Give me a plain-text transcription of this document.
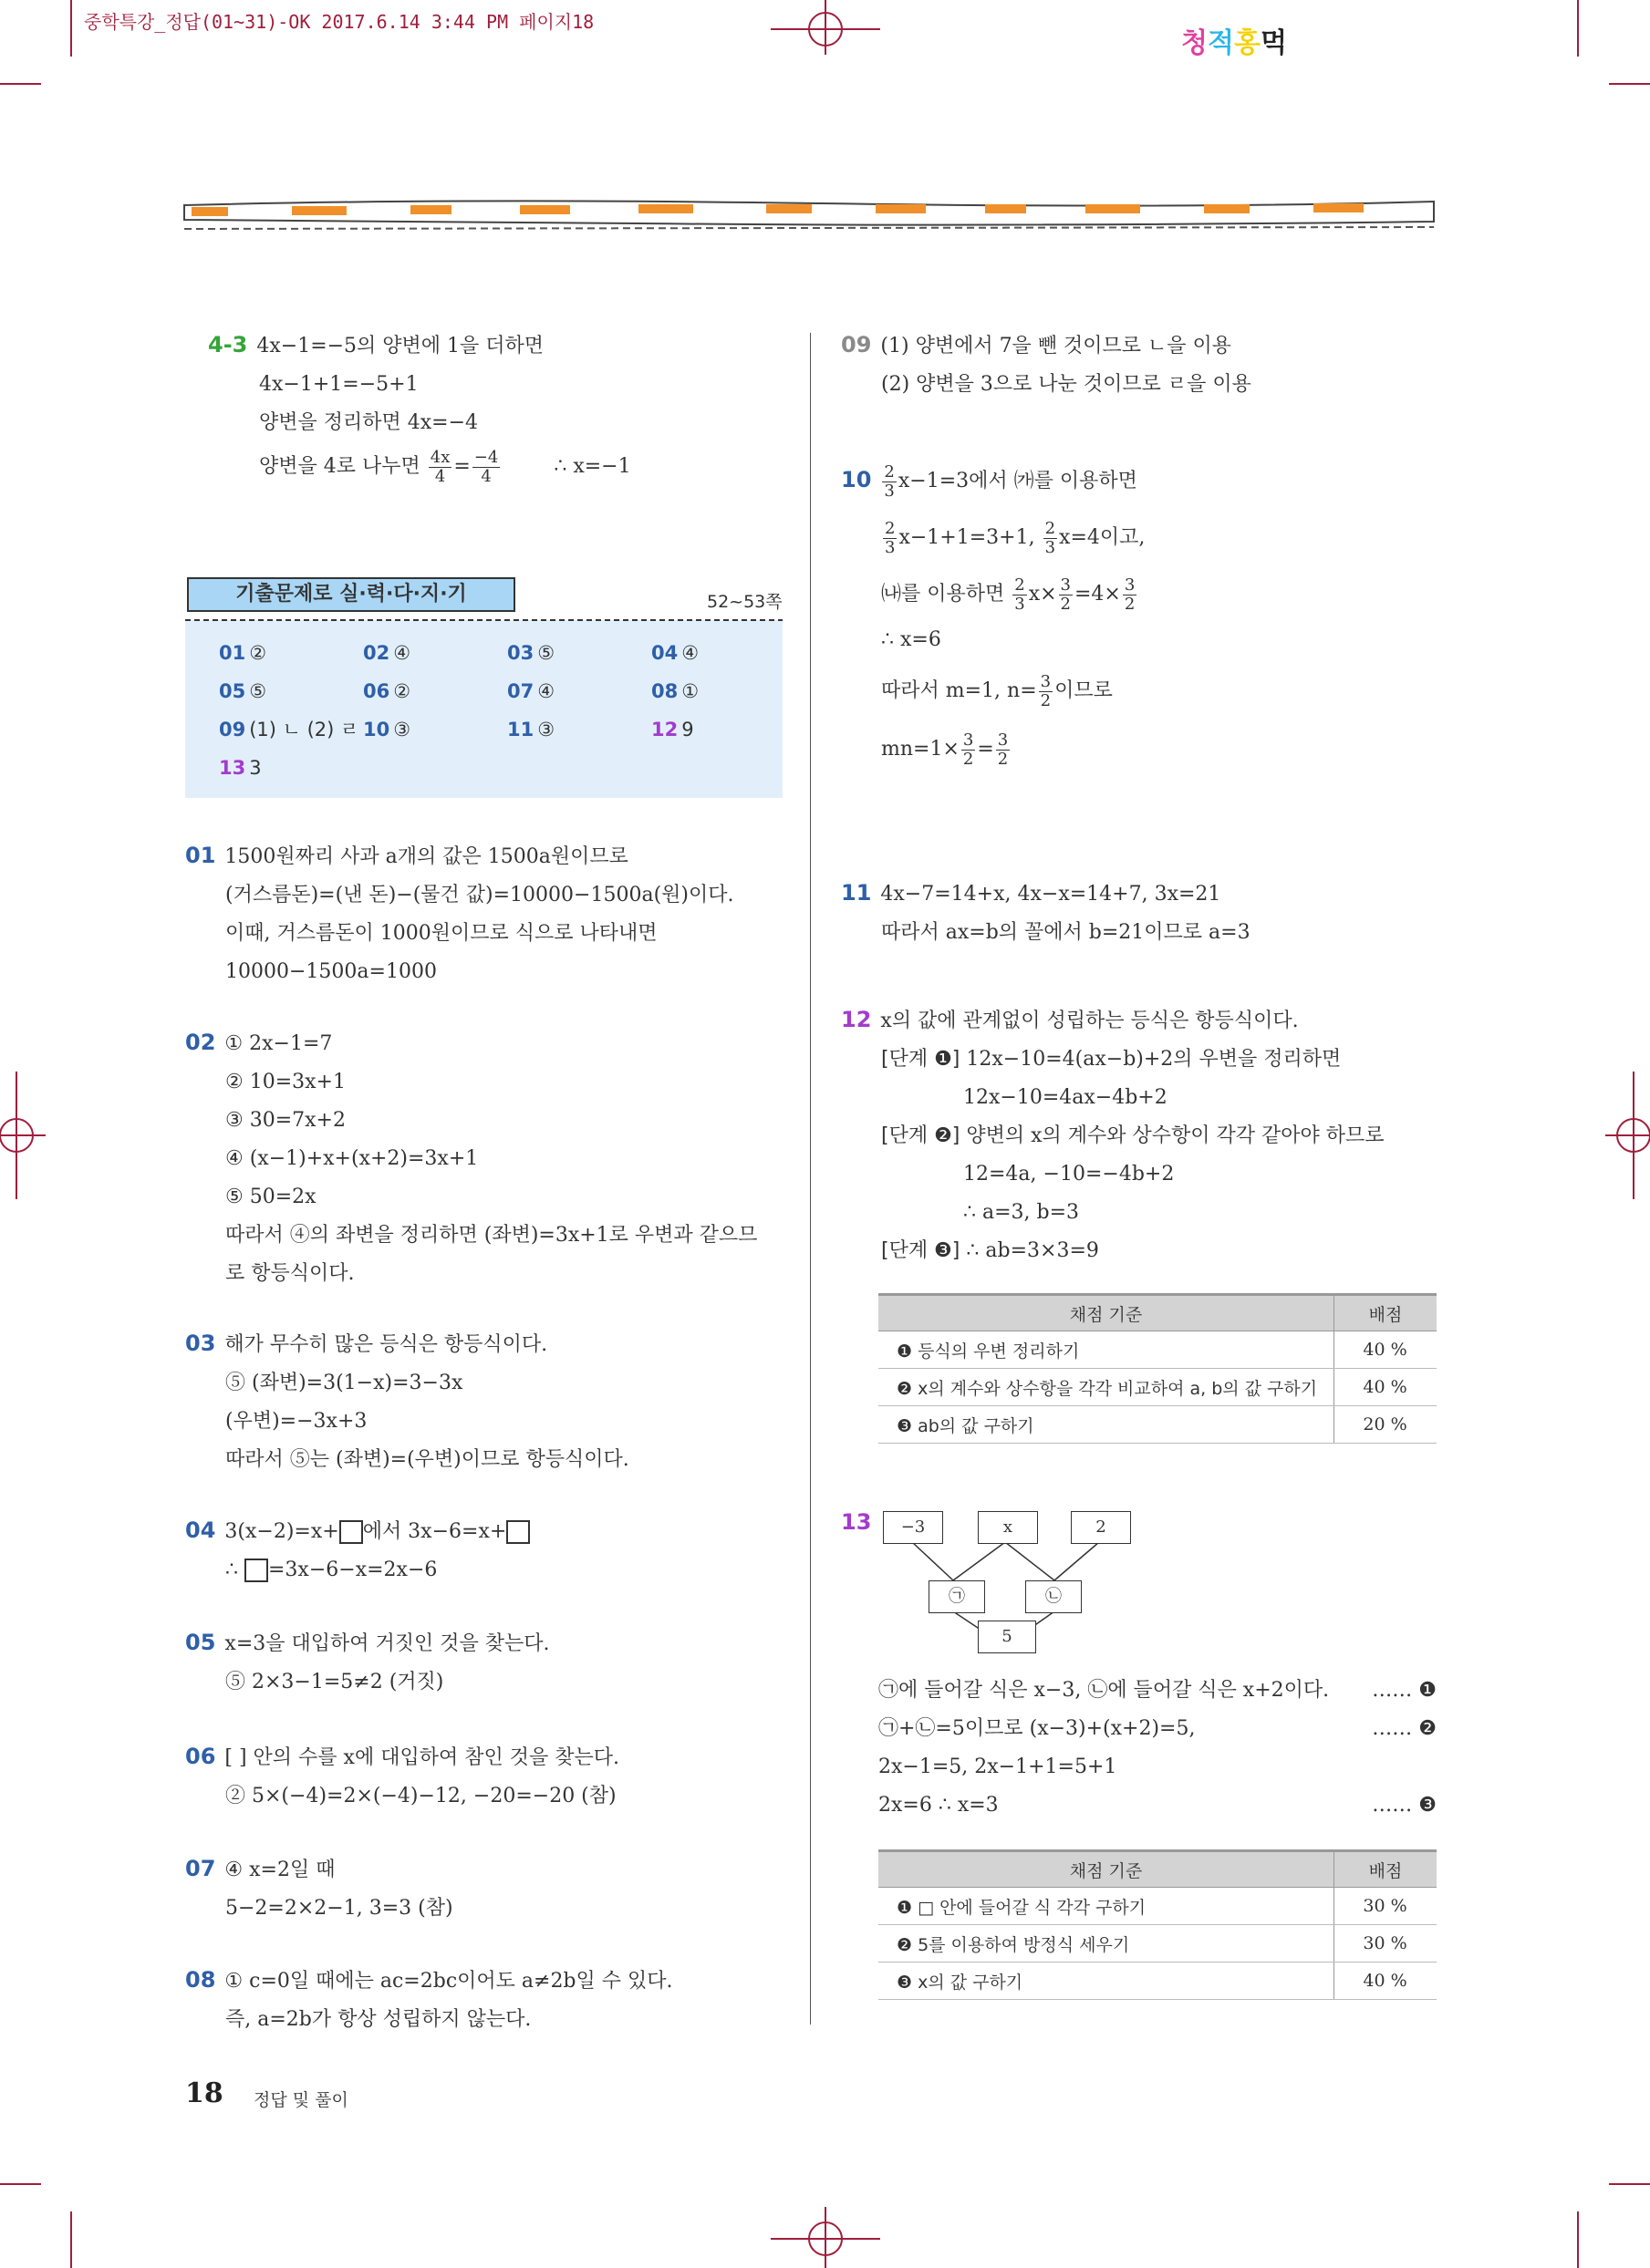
중학특강_정답(01~31)-OK 2017.6.14 3:44 PM 페이지18
청적홍먹
4-3 4x−1=−5의 양변에 1을 더하면
4x−1+1=−5+1
양변을 정리하면 4x=−4
양변을 4로 나누면 $\frac{4x}{4} = \frac{-4}{4}$	∴ x=−1
기출문제로 실·력·다·지·기	52~53쪽
01 ②	02 ④	03 ⑤	04 ④
05 ⑤	06 ②	07 ④	08 ①
09 (1) ㄴ (2) ㄹ 10 ③	11 ③	12 9
13 3
01 1500원짜리 사과 a개의 값은 1500a원이므로
(거스름돈)=(낸 돈)−(물건 값)=10000−1500a(원)이다.
이때, 거스름돈이 1000원이므로 식으로 나타내면
10000−1500a=1000
02 ① 2x−1=7
② 10=3x+1
③ 30=7x+2
④ (x−1)+x+(x+2)=3x+1
⑤ 50=2x
따라서 ④의 좌변을 정리하면 (좌변)=3x+1로 우변과 같으므
로 항등식이다.
03 해가 무수히 많은 등식은 항등식이다.
⑤ (좌변)=3(1−x)=3−3x
(우변)=−3x+3
따라서 ⑤는 (좌변)=(우변)이므로 항등식이다.
04 3(x−2)=x+ 에서 3x−6=x+
∴ =3x−6−x=2x−6
05 x=3을 대입하여 거짓인 것을 찾는다.
⑤ 2×3−1=5≠2 (거짓)
06 [ ] 안의 수를 x에 대입하여 참인 것을 찾는다.
② 5×(−4)=2×(−4)−12, −20=−20 (참)
07 ④ x=2일 때
5−2=2×2−1, 3=3 (참)
08 ① c=0일 때에는 ac=2bc이어도 a≠2b일 수 있다.
즉, a=2b가 항상 성립하지 않는다.
09 (1) 양변에서 7을 뺀 것이므로 ㄴ을 이용
(2) 양변을 3으로 나눈 것이므로 ㄹ을 이용
$10 \frac{2}{3} x-1=3$에서 ㈎를 이용하면
$\frac{2}{3} x-1+1=3+1$, $\frac{2}{3} x=4$이고,
㈏를 이용하면 $\frac{2}{3} x\times \frac{3}{2} =4\times \frac{3}{2}$
∴ x=6
따라서 m=1, $n= \frac{3}{2}$ 이므로
$mn=1\times \frac{3}{2} = \frac{3}{2}$
11 4x−7=14+x, 4x−x=14+7, 3x=21
따라서 ax=b의 꼴에서 b=21이므로 a=3
12 x의 값에 관계없이 성립하는 등식은 항등식이다.
[단계 ❶] 12x−10=4(ax−b)+2의 우변을 정리하면
12x−10=4ax−4b+2
[단계 ❷] 양변의 x의 계수와 상수항이 각각 같아야 하므로
12=4a, −10=−4b+2
∴ a=3, b=3
[단계 ❸] ∴ ab=3×3=9
채점 기준	배점
❶ 등식의 우변 정리하기	40 %
❷ x의 계수와 상수항을 각각 비교하여 a, b의 값 구하기	40 %
❸ ab의 값 구하기	20 %
13	−3	x	2
㉠	㉡
5
㉠에 들어갈 식은 x−3, ㉡에 들어갈 식은 x+2이다. …… ❶
㉠+㉡=5이므로 (x−3)+(x+2)=5,	…… ❷
2x−1=5, 2x−1+1=5+1
2x=6 ∴ x=3	…… ❸
채점 기준	배점
❶ □ 안에 들어갈 식 각각 구하기	30 %
❷ 5를 이용하여 방정식 세우기	30 %
❸ x의 값 구하기	40 %
18 정답 및 풀이
